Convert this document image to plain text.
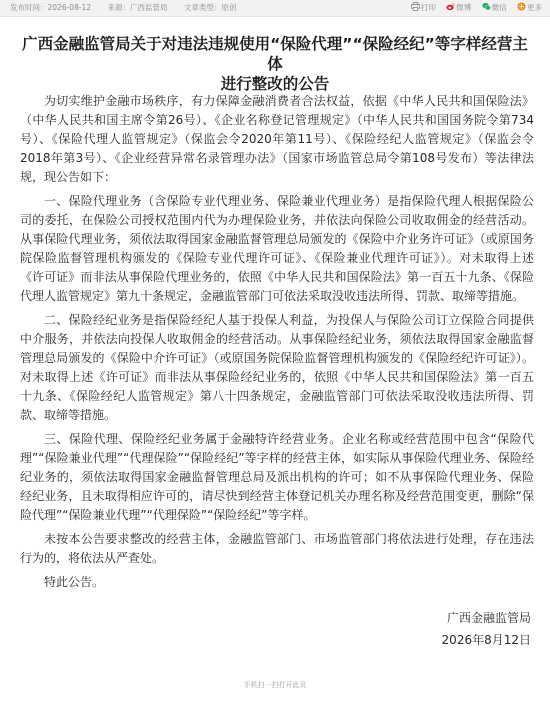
发布时间：2026-08-12 来源：广西监管局 文章类型：原创	打印	微博	微信	更多
广西金融监管局关于对违法违规使用“保险代理”“保险经纪”等字样经营主体
进行整改的公告

为切实维护金融市场秩序，有力保障金融消费者合法权益，依据《中华人民共和国保险法》（中华人民共和国主席令第26号）、《企业名称登记管理规定》（中华人民共和国国务院令第734号）、《保险代理人监管规定》（保监会令2020年第11号）、《保险经纪人监管规定》（保监会令2018年第3号）、《企业经营异常名录管理办法》（国家市场监管总局令第108号发布）等法律法规，现公告如下：

一、保险代理业务（含保险专业代理业务、保险兼业代理业务）是指保险代理人根据保险公司的委托，在保险公司授权范围内代为办理保险业务，并依法向保险公司收取佣金的经营活动。从事保险代理业务，须依法取得国家金融监督管理总局颁发的《保险中介业务许可证》（或原国务院保险监督管理机构颁发的《保险专业代理许可证》、《保险兼业代理许可证》）。对未取得上述《许可证》而非法从事保险代理业务的，依照《中华人民共和国保险法》第一百五十九条、《保险代理人监管规定》第九十条规定，金融监管部门可依法采取没收违法所得、罚款、取缔等措施。

二、保险经纪业务是指保险经纪人基于投保人利益，为投保人与保险公司订立保险合同提供中介服务，并依法向投保人收取佣金的经营活动。从事保险经纪业务，须依法取得国家金融监督管理总局颁发的《保险中介许可证》（或原国务院保险监督管理机构颁发的《保险经纪许可证》）。对未取得上述《许可证》而非法从事保险经纪业务的，依照《中华人民共和国保险法》第一百五十九条、《保险经纪人监管规定》第八十四条规定，金融监管部门可依法采取没收违法所得、罚款、取缔等措施。

三、保险代理、保险经纪业务属于金融特许经营业务。企业名称或经营范围中包含“保险代理”“保险兼业代理”“代理保险”“保险经纪”等字样的经营主体，如实际从事保险代理业务、保险经纪业务的，须依法取得国家金融监督管理总局及派出机构的许可；如不从事保险代理业务、保险经纪业务，且未取得相应许可的，请尽快到经营主体登记机关办理名称及经营范围变更，删除“保险代理”“保险兼业代理”“代理保险”“保险经纪”等字样。

未按本公告要求整改的经营主体，金融监管部门、市场监管部门将依法进行处理，存在违法行为的，将依法从严查处。

特此公告。

广西金融监管局
2026年8月12日
手机扫一扫打开此页
